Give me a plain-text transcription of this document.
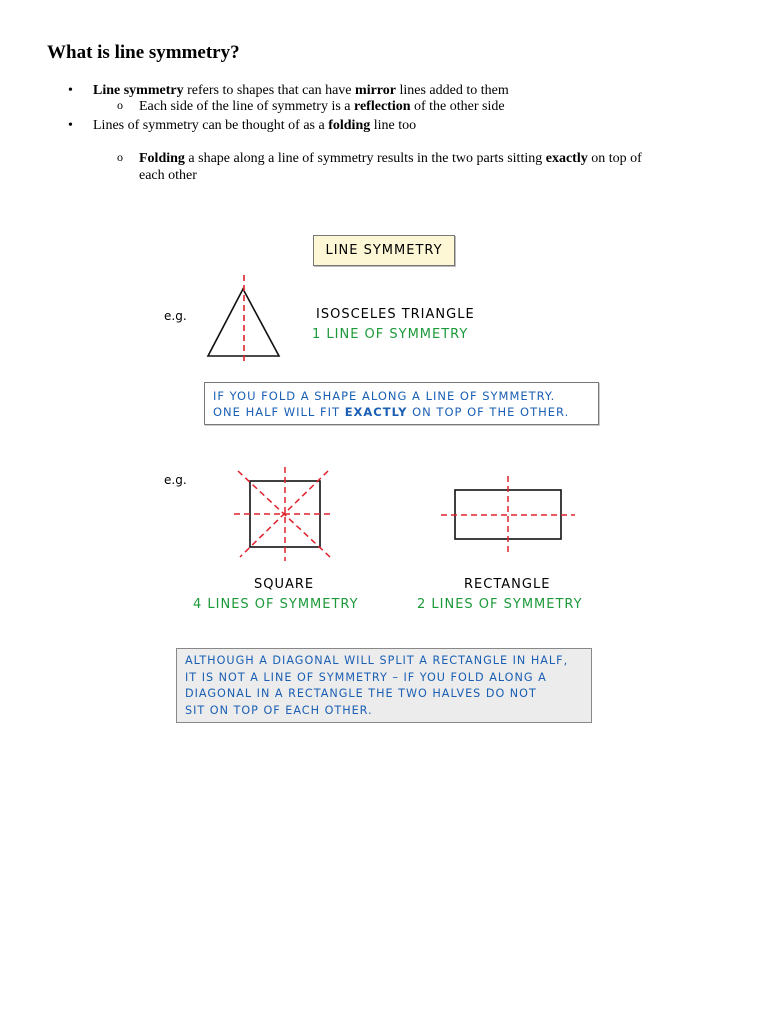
What is line symmetry?
• Line symmetry refers to shapes that can have mirror lines added to them
o Each side of the line of symmetry is a reflection of the other side
• Lines of symmetry can be thought of as a folding line too
o Folding a shape along a line of symmetry results in the two parts sitting exactly on top of
each other
LINE SYMMETRY
e.g.	ISOSCELES TRIANGLE
1 LINE OF SYMMETRY
IF YOU FOLD A SHAPE ALONG A LINE OF SYMMETRY.
ONE HALF WILL FIT EXACTLY ON TOP OF THE OTHER.
e.g.
SQUARE
4 LINES OF SYMMETRY
RECTANGLE
2 LINES OF SYMMETRY
ALTHOUGH A DIAGONAL WILL SPLIT A RECTANGLE IN HALF,
IT IS NOT A LINE OF SYMMETRY – IF YOU FOLD ALONG A
DIAGONAL IN A RECTANGLE THE TWO HALVES DO NOT
SIT ON TOP OF EACH OTHER.
